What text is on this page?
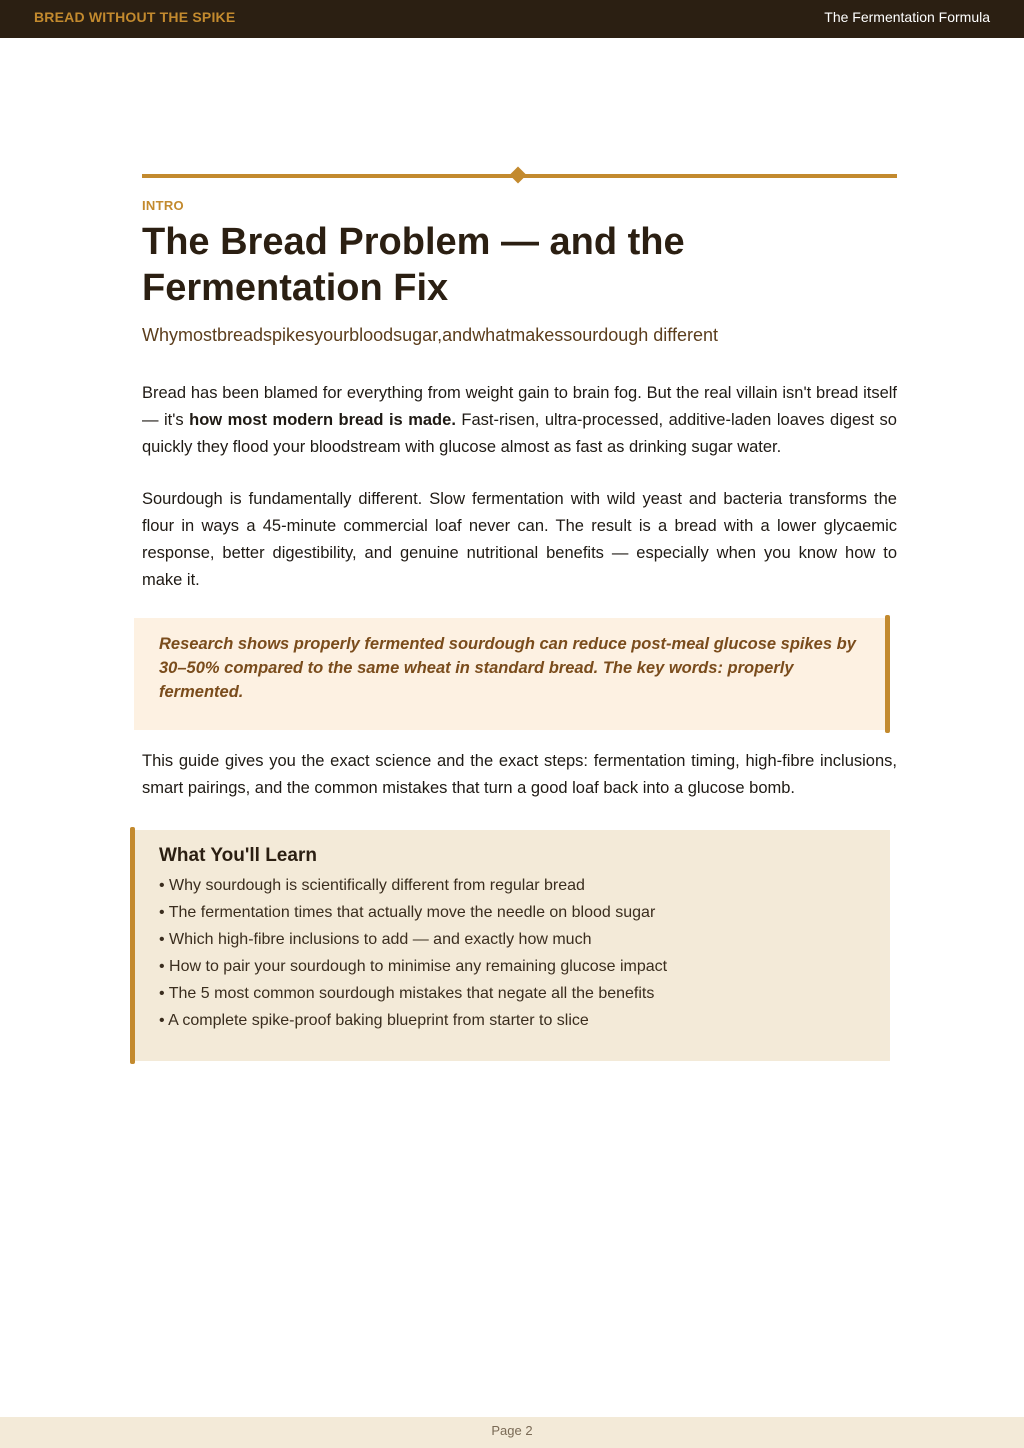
BREAD WITHOUT THE SPIKE	The Fermentation Formula
INTRO
The Bread Problem — and the Fermentation Fix
Whymostbreadspikesyourbloodsugar,andwhatmakessourdough different

Bread has been blamed for everything from weight gain to brain fog. But the real villain isn't bread itself — it's how most modern bread is made. Fast-risen, ultra-processed, additive-laden loaves digest so quickly they flood your bloodstream with glucose almost as fast as drinking sugar water.

Sourdough is fundamentally different. Slow fermentation with wild yeast and bacteria transforms the flour in ways a 45-minute commercial loaf never can. The result is a bread with a lower glycaemic response, better digestibility, and genuine nutritional benefits — especially when you know how to make it.

Research shows properly fermented sourdough can reduce post-meal glucose spikes by 30–50% compared to the same wheat in standard bread. The key words: properly fermented.

This guide gives you the exact science and the exact steps: fermentation timing, high-fibre inclusions, smart pairings, and the common mistakes that turn a good loaf back into a glucose bomb.

What You'll Learn
• Why sourdough is scientifically different from regular bread
• The fermentation times that actually move the needle on blood sugar
• Which high-fibre inclusions to add — and exactly how much
• How to pair your sourdough to minimise any remaining glucose impact
• The 5 most common sourdough mistakes that negate all the benefits
• A complete spike-proof baking blueprint from starter to slice
Page 2
